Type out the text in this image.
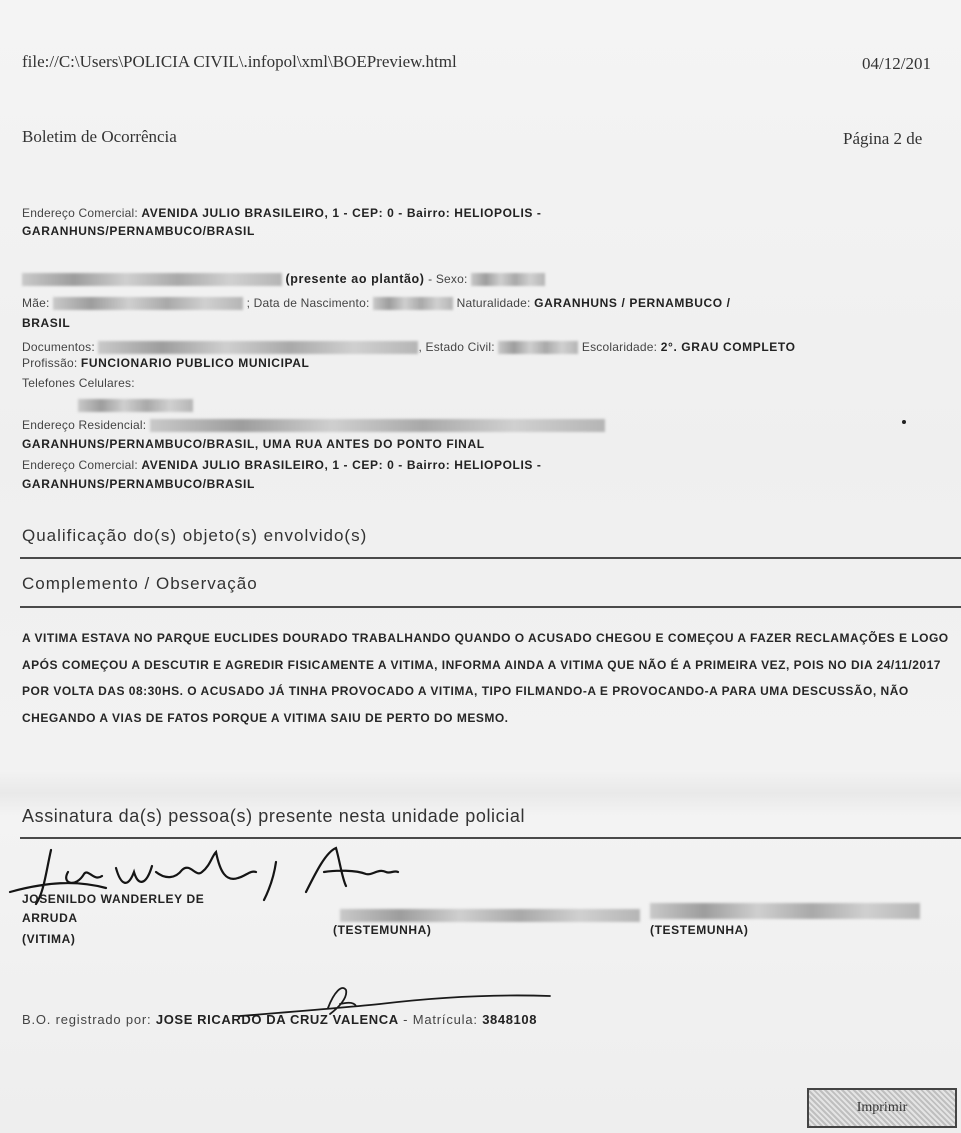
file://C:\Users\POLICIA CIVIL\.infopol\xml\BOEPreview.html	04/12/201
Boletim de Ocorrência	Página 2 de
Endereço Comercial: AVENIDA JULIO BRASILEIRO, 1 - CEP: 0 - Bairro: HELIOPOLIS -
GARANHUNS/PERNAMBUCO/BRASIL
(presente ao plantão) - Sexo:
Mãe:	; Data de Nascimento:	Naturalidade: GARANHUNS / PERNAMBUCO /
BRASIL
Documentos:	, Estado Civil:	Escolaridade: 2°. GRAU COMPLETO
Profissão: FUNCIONARIO PUBLICO MUNICIPAL
Telefones Celulares:
Endereço Residencial:
GARANHUNS/PERNAMBUCO/BRASIL, UMA RUA ANTES DO PONTO FINAL
Endereço Comercial: AVENIDA JULIO BRASILEIRO, 1 - CEP: 0 - Bairro: HELIOPOLIS -
GARANHUNS/PERNAMBUCO/BRASIL
Qualificação do(s) objeto(s) envolvido(s)
Complemento / Observação
A VITIMA ESTAVA NO PARQUE EUCLIDES DOURADO TRABALHANDO QUANDO O ACUSADO CHEGOU E COMEÇOU A FAZER RECLAMAÇÕES E LOGO APÓS COMEÇOU A DESCUTIR E AGREDIR FISICAMENTE A VITIMA, INFORMA AINDA A VITIMA QUE NÃO É A PRIMEIRA VEZ, POIS NO DIA 24/11/2017 POR VOLTA DAS 08:30HS. O ACUSADO JÁ TINHA PROVOCADO A VITIMA, TIPO FILMANDO-A E PROVOCANDO-A PARA UMA DESCUSSÃO, NÃO CHEGANDO A VIAS DE FATOS PORQUE A VITIMA SAIU DE PERTO DO MESMO.
Assinatura da(s) pessoa(s) presente nesta unidade policial
JOSENILDO WANDERLEY DE
ARRUDA
(VITIMA)
(TESTEMUNHA)	(TESTEMUNHA)
B.O. registrado por: JOSE RICARDO DA CRUZ VALENCA - Matrícula: 3848108
Imprimir
